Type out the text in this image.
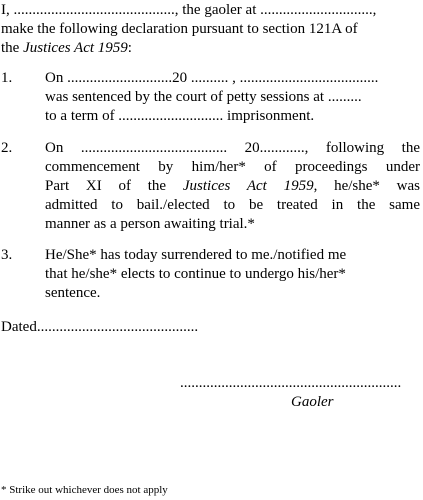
I, ..........................................., the gaoler at ..............................,
make the following declaration pursuant to section 121A of
the Justices Act 1959:
1. On ............................20 .......... , .....................................
was sentenced by the court of petty sessions at .........
to a term of ............................ imprisonment.
2. On ....................................... 20............, following the
commencement by him/her* of proceedings under
Part XI of the Justices Act 1959, he/she* was
admitted to bail./elected to be treated in the same
manner as a person awaiting trial.*
3. He/She* has today surrendered to me./notified me
that he/she* elects to continue to undergo his/her*
sentence.
Dated...........................................
...........................................................
Gaoler
* Strike out whichever does not apply
